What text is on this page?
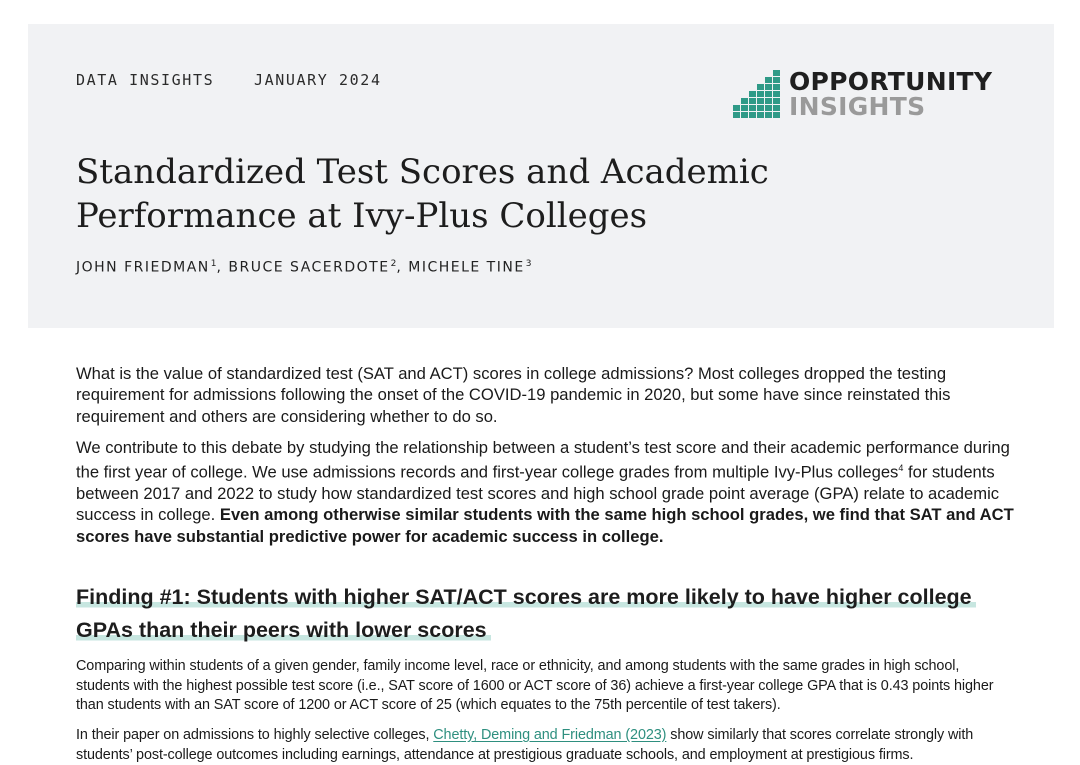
DATA INSIGHTS	JANUARY 2024	OPPORTUNITY
INSIGHTS
Standardized Test Scores and Academic Performance at Ivy-Plus Colleges
JOHN FRIEDMAN$^1$, BRUCE SACERDOTE$^2$, MICHELE TINE$^3$

What is the value of standardized test (SAT and ACT) scores in college admissions? Most colleges dropped the testing requirement for admissions following the onset of the COVID-19 pandemic in 2020, but some have since reinstated this requirement and others are considering whether to do so.

We contribute to this debate by studying the relationship between a student’s test score and their academic performance during the first year of college. We use admissions records and first-year college grades from multiple Ivy-Plus colleges$^4$ for students between 2017 and 2022 to study how standardized test scores and high school grade point average (GPA) relate to academic success in college. Even among otherwise similar students with the same high school grades, we find that SAT and ACT scores have substantial predictive power for academic success in college.

Finding #1: Students with higher SAT/ACT scores are more likely to have higher college GPAs than their peers with lower scores

Comparing within students of a given gender, family income level, race or ethnicity, and among students with the same grades in high school, students with the highest possible test score (i.e., SAT score of 1600 or ACT score of 36) achieve a first-year college GPA that is 0.43 points higher than students with an SAT score of 1200 or ACT score of 25 (which equates to the 75th percentile of test takers).

In their paper on admissions to highly selective colleges, Chetty, Deming and Friedman (2023) show similarly that scores correlate strongly with students’ post-college outcomes including earnings, attendance at prestigious graduate schools, and employment at prestigious firms.
